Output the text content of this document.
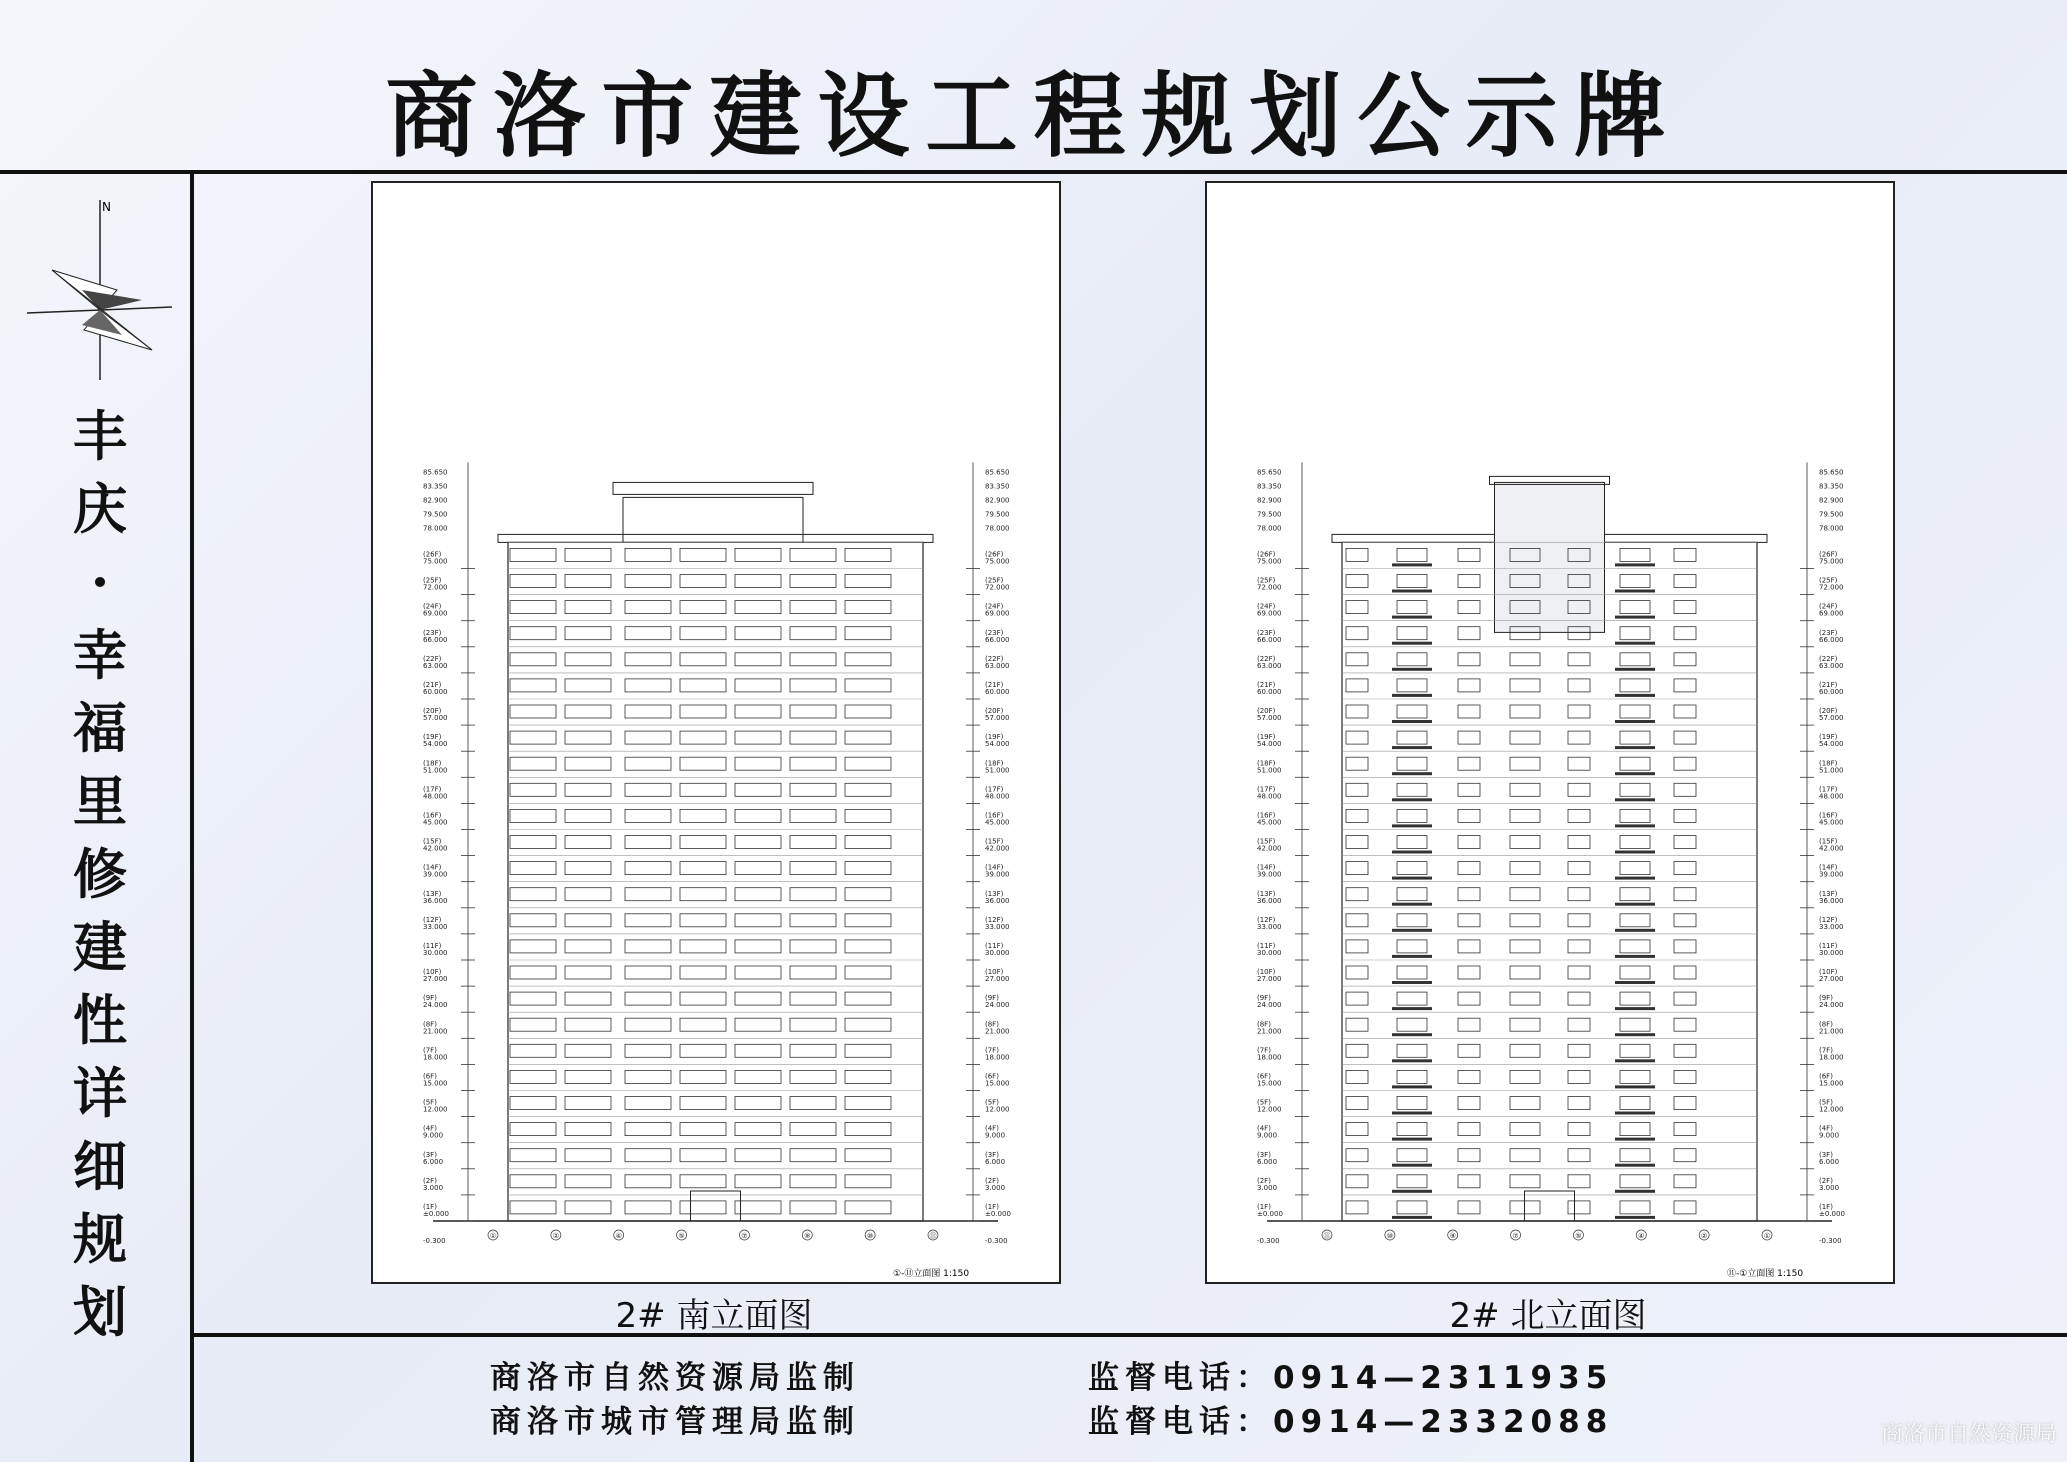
商洛市建设工程规划公示牌
N
丰庆·幸福里修建性详细规划
(1F)
±0.000
(1F)
±0.000
(2F)
3.000
(2F)
3.000
(3F)
6.000
(3F)
6.000
(4F)
9.000
(4F)
9.000
(5F)
12.000
(5F)
12.000
(6F)
15.000
(6F)
15.000
(7F)
18.000
(7F)
18.000
(8F)
21.000
(8F)
21.000
(9F)
24.000
(9F)
24.000
(10F)
27.000
(10F)
27.000
(11F)
30.000
(11F)
30.000
(12F)
33.000
(12F)
33.000
(13F)
36.000
(13F)
36.000
(14F)
39.000
(14F)
39.000
(15F)
42.000
(15F)
42.000
(16F)
45.000
(16F)
45.000
(17F)
48.000
(17F)
48.000
(18F)
51.000
(18F)
51.000
(19F)
54.000
(19F)
54.000
(20F)
57.000
(20F)
57.000
(21F)
60.000
(21F)
60.000
(22F)
63.000
(22F)
63.000
(23F)
66.000
(23F)
66.000
(24F)
69.000
(24F)
69.000
(25F)
72.000
(25F)
72.000
(26F)
75.000
(26F)
75.000
78.000	78.000
79.500	79.500
82.900	82.900
83.350	83.350
85.650	85.650
-0.300	-0.300
①	②	④	⑤	⑦	⑨	⑩	⑪
①-⑪立面图 1:150
2# 南立面图
(1F)
±0.000
(1F)
±0.000
(2F)
3.000
(2F)
3.000
(3F)
6.000
(3F)
6.000
(4F)
9.000
(4F)
9.000
(5F)
12.000
(5F)
12.000
(6F)
15.000
(6F)
15.000
(7F)
18.000
(7F)
18.000
(8F)
21.000
(8F)
21.000
(9F)
24.000
(9F)
24.000
(10F)
27.000
(10F)
27.000
(11F)
30.000
(11F)
30.000
(12F)
33.000
(12F)
33.000
(13F)
36.000
(13F)
36.000
(14F)
39.000
(14F)
39.000
(15F)
42.000
(15F)
42.000
(16F)
45.000
(16F)
45.000
(17F)
48.000
(17F)
48.000
(18F)
51.000
(18F)
51.000
(19F)
54.000
(19F)
54.000
(20F)
57.000
(20F)
57.000
(21F)
60.000
(21F)
60.000
(22F)
63.000
(22F)
63.000
(23F)
66.000
(23F)
66.000
(24F)
69.000
(24F)
69.000
(25F)
72.000
(25F)
72.000
(26F)
75.000
(26F)
75.000
78.000	78.000
79.500	79.500
82.900	82.900
83.350	83.350
85.650	85.650
-0.300	-0.300
⑪	⑩	⑨	⑦	⑤	④	②	①
⑪-①立面图 1:150
2# 北立面图
商洛市自然资源局监制
商洛市城市管理局监制
监督电话：0914—2311935
监督电话：0914—2332088	商洛市自然资源局
